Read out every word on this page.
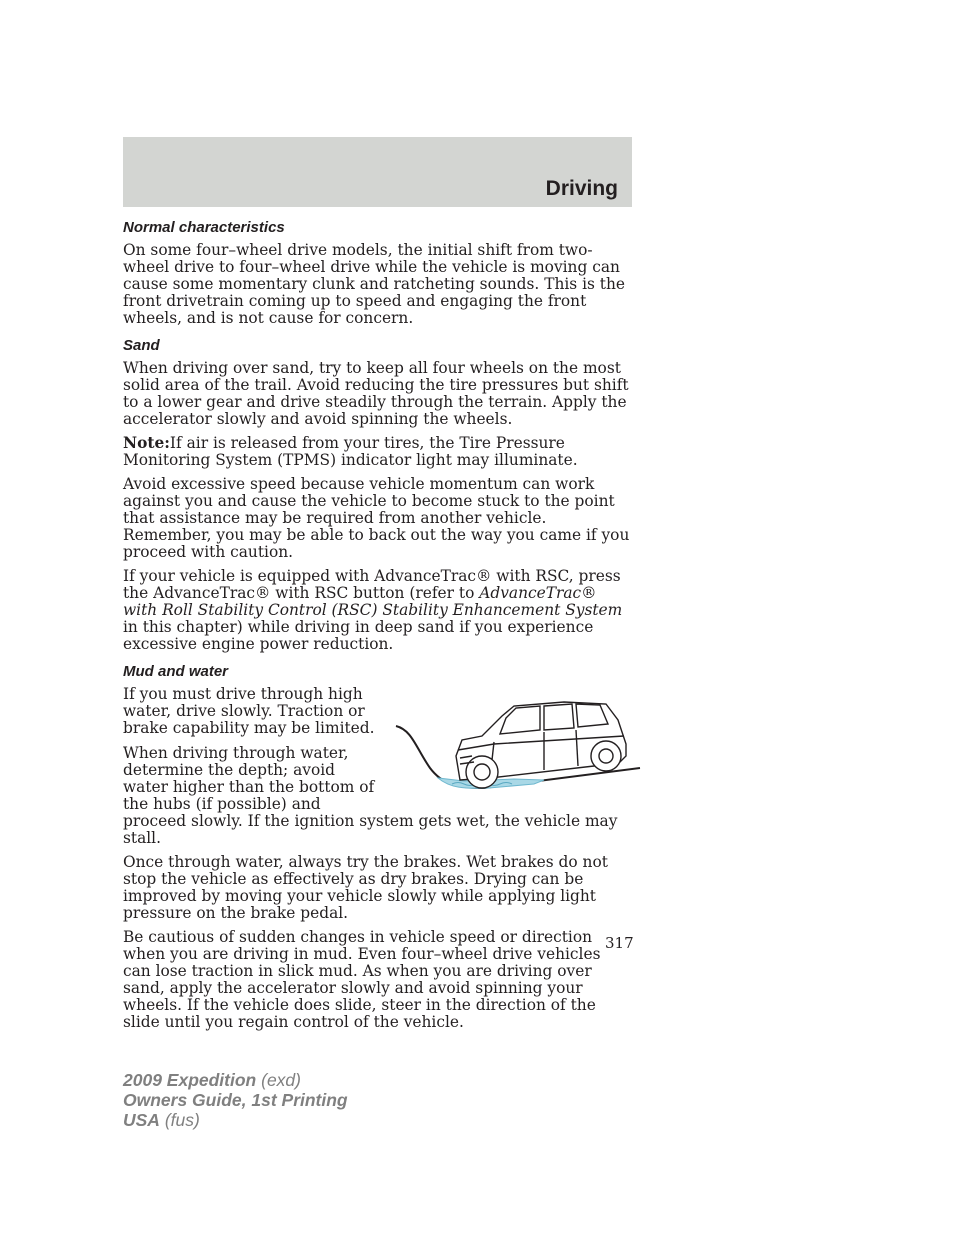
Driving
Normal characteristics

On some four–wheel drive models, the initial shift from two-wheel drive to four–wheel drive while the vehicle is moving can cause some momentary clunk and ratcheting sounds. This is the front drivetrain coming up to speed and engaging the front wheels, and is not cause for concern.

Sand

When driving over sand, try to keep all four wheels on the most solid area of the trail. Avoid reducing the tire pressures but shift to a lower gear and drive steadily through the terrain. Apply the accelerator slowly and avoid spinning the wheels.

Note:If air is released from your tires, the Tire Pressure Monitoring System (TPMS) indicator light may illuminate.

Avoid excessive speed because vehicle momentum can work against you and cause the vehicle to become stuck to the point that assistance may be required from another vehicle. Remember, you may be able to back out the way you came if you proceed with caution.

If your vehicle is equipped with AdvanceTrac® with RSC, press the AdvanceTrac® with RSC button (refer to AdvanceTrac® with Roll Stability Control (RSC) Stability Enhancement System in this chapter) while driving in deep sand if you experience excessive engine power reduction.

Mud and water

If you must drive through high water, drive slowly. Traction or brake capability may be limited.

When driving through water, determine the depth; avoid water higher than the bottom of the hubs (if possible) and proceed slowly. If the ignition system gets wet, the vehicle may stall.

Once through water, always try the brakes. Wet brakes do not stop the vehicle as effectively as dry brakes. Drying can be improved by moving your vehicle slowly while applying light pressure on the brake pedal.

Be cautious of sudden changes in vehicle speed or direction when you are driving in mud. Even four–wheel drive vehicles can lose traction in slick mud. As when you are driving over sand, apply the accelerator slowly and avoid spinning your wheels. If the vehicle does slide, steer in the direction of the slide until you regain control of the vehicle.

317
2009 Expedition (exd)
Owners Guide, 1st Printing
USA (fus)
